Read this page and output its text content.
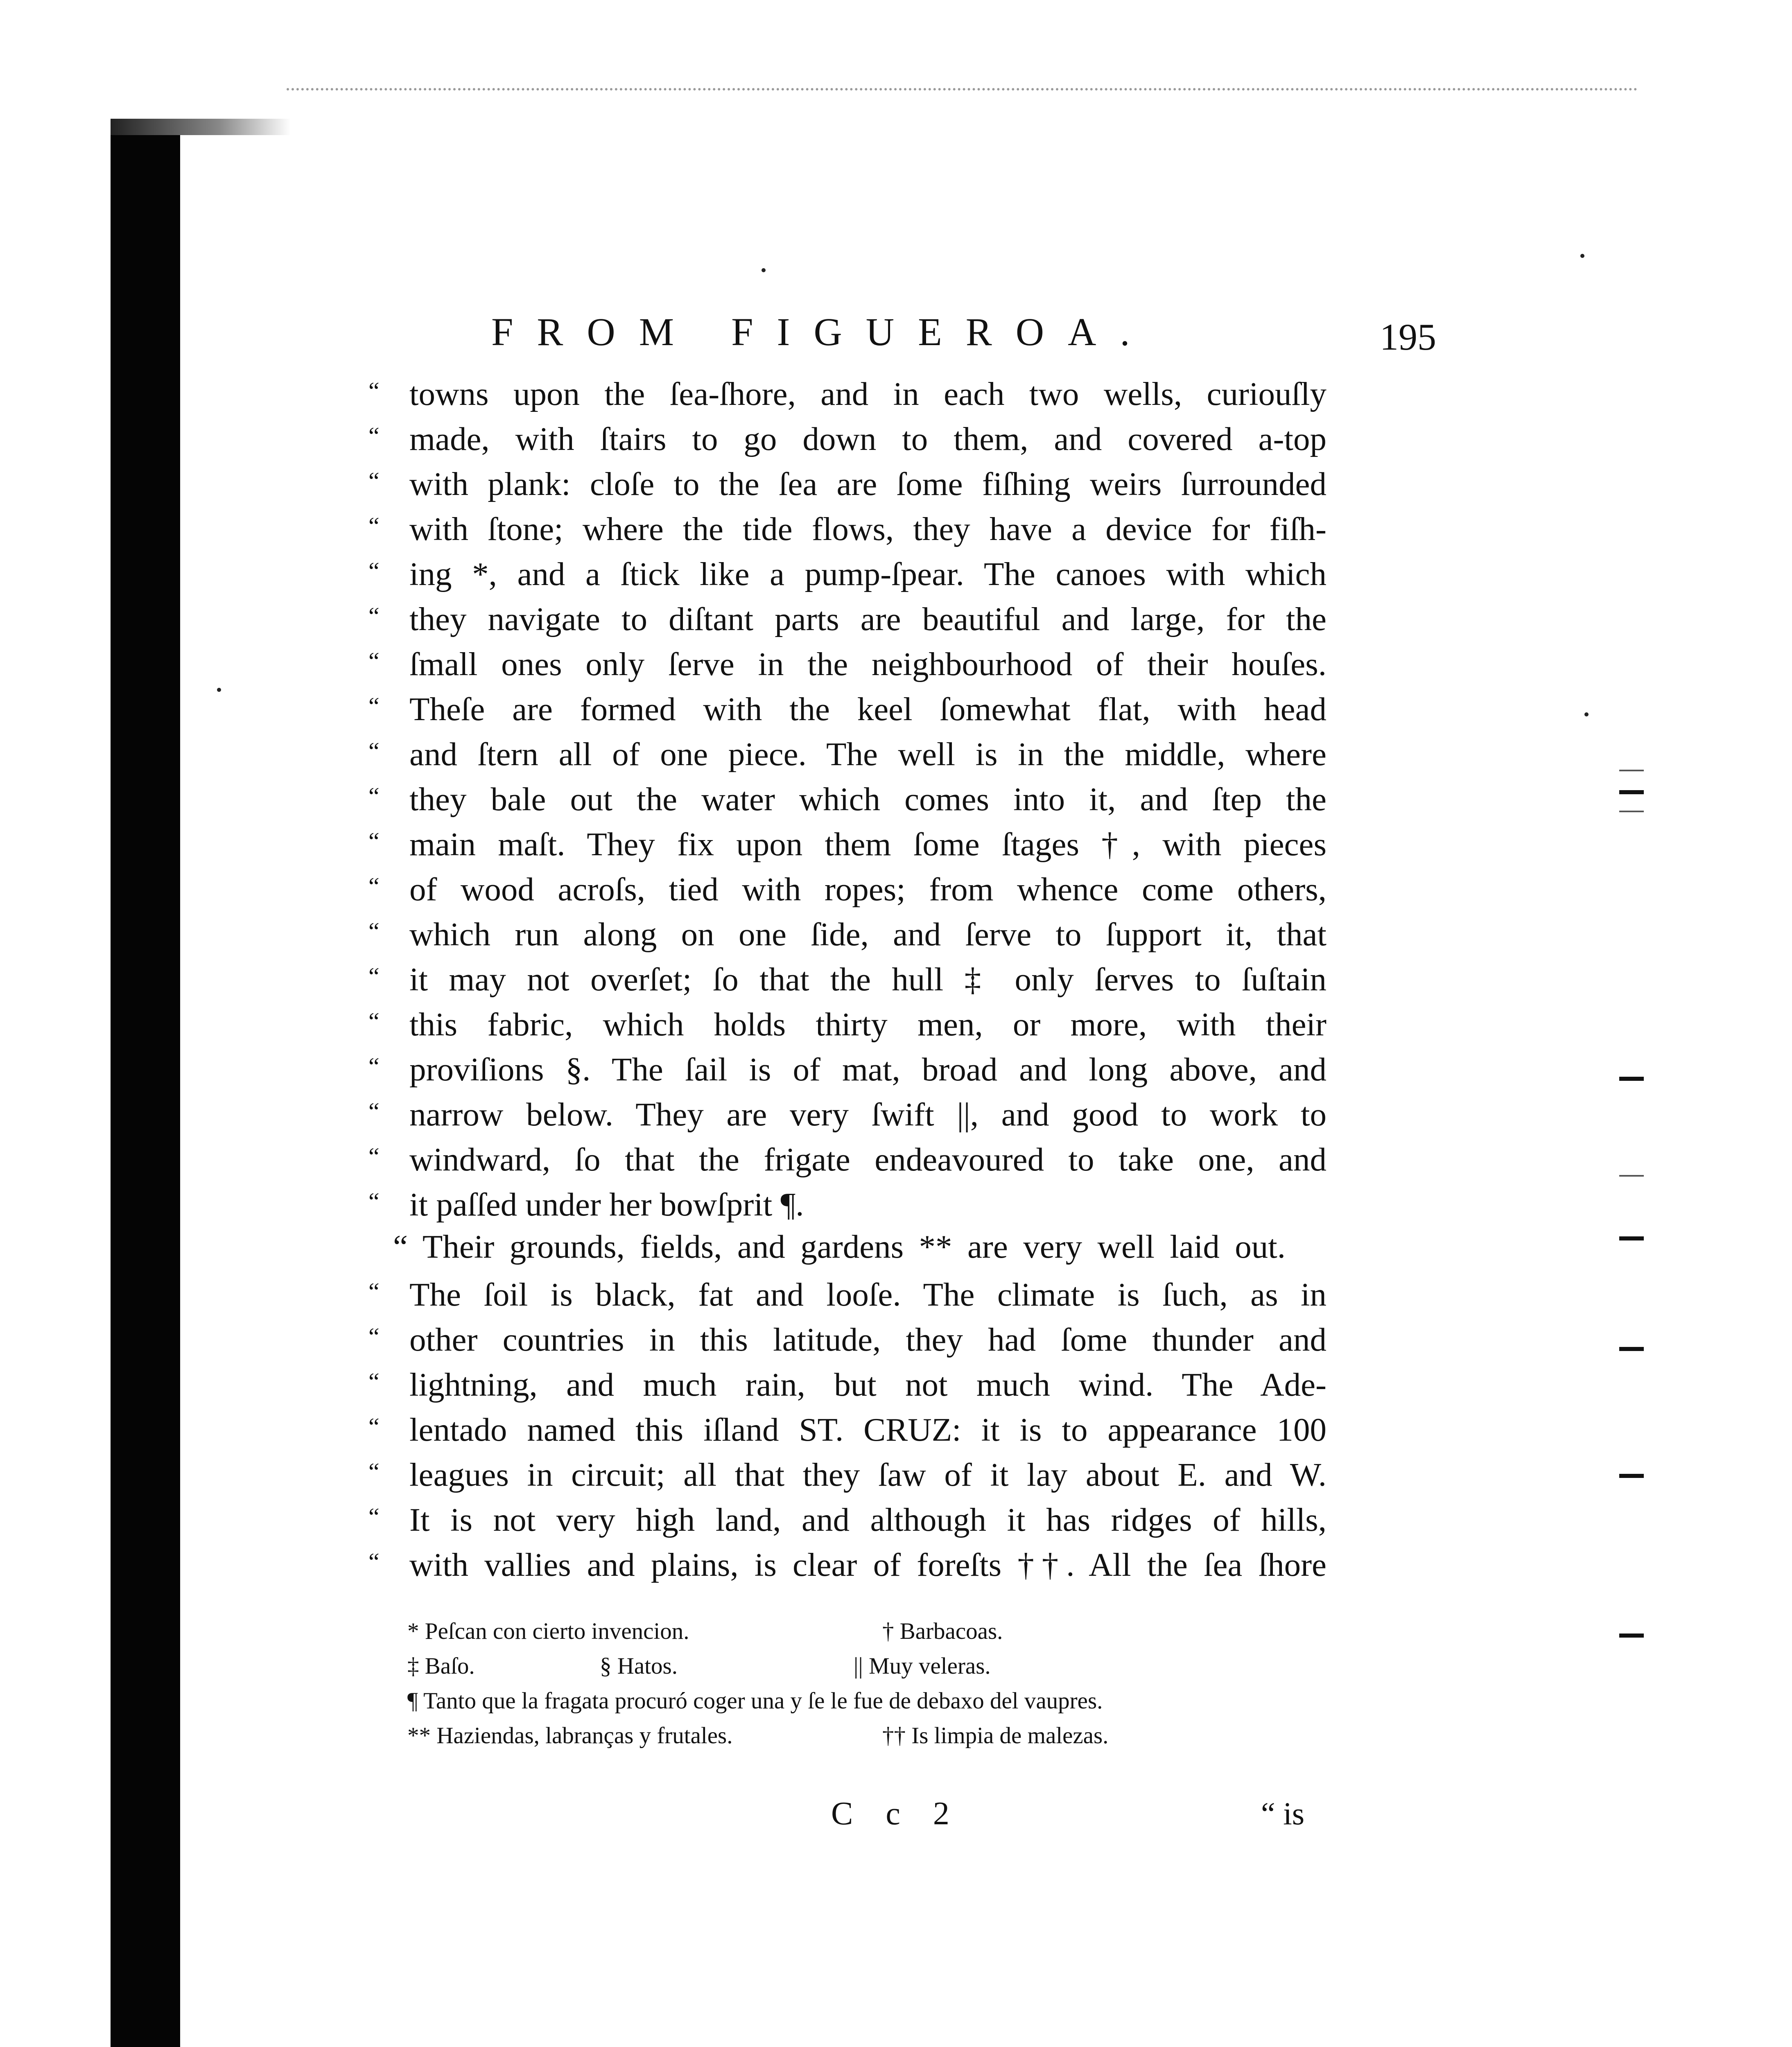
FROM FIGUEROA.	195
“ towns upon the ſea-ſhore, and in each two wells, curiouſly
“ made, with ſtairs to go down to them, and covered a-top
“ with plank: cloſe to the ſea are ſome fiſhing weirs ſurrounded
“ with ſtone; where the tide flows, they have a device for fiſh-
“ ing *, and a ſtick like a pump-ſpear. The canoes with which
“ they navigate to diſtant parts are beautiful and large, for the
“ ſmall ones only ſerve in the neighbourhood of their houſes.
“ Theſe are formed with the keel ſomewhat flat, with head
“ and ſtern all of one piece. The well is in the middle, where
“ they bale out the water which comes into it, and ſtep the
“ main maſt. They fix upon them ſome ſtages †, with pieces
“ of wood acroſs, tied with ropes; from whence come others,
“ which run along on one ſide, and ſerve to ſupport it, that
“ it may not overſet; ſo that the hull ‡ only ſerves to ſuſtain
“ this fabric, which holds thirty men, or more, with their
“ proviſions §. The ſail is of mat, broad and long above, and
“ narrow below. They are very ſwift ||, and good to work to
“ windward, ſo that the frigate endeavoured to take one, and
“ it paſſed under her bowſprit ¶.
“ Their grounds, fields, and gardens ** are very well laid out.
“ The ſoil is black, fat and looſe. The climate is ſuch, as in
“ other countries in this latitude, they had ſome thunder and
“ lightning, and much rain, but not much wind. The Ade-
“ lentado named this iſland ST. CRUZ: it is to appearance 100
“ leagues in circuit; all that they ſaw of it lay about E. and W.
“ It is not very high land, and although it has ridges of hills,
“ with vallies and plains, is clear of foreſts ††. All the ſea ſhore
* Peſcan con cierto invencion.	† Barbacoas.
‡ Baſo.	§ Hatos.	|| Muy veleras.
¶ Tanto que la fragata procuró coger una y ſe le fue de debaxo del vaupres.
** Haziendas, labranças y frutales.	†† Is limpia de malezas.
C c 2	“ is
